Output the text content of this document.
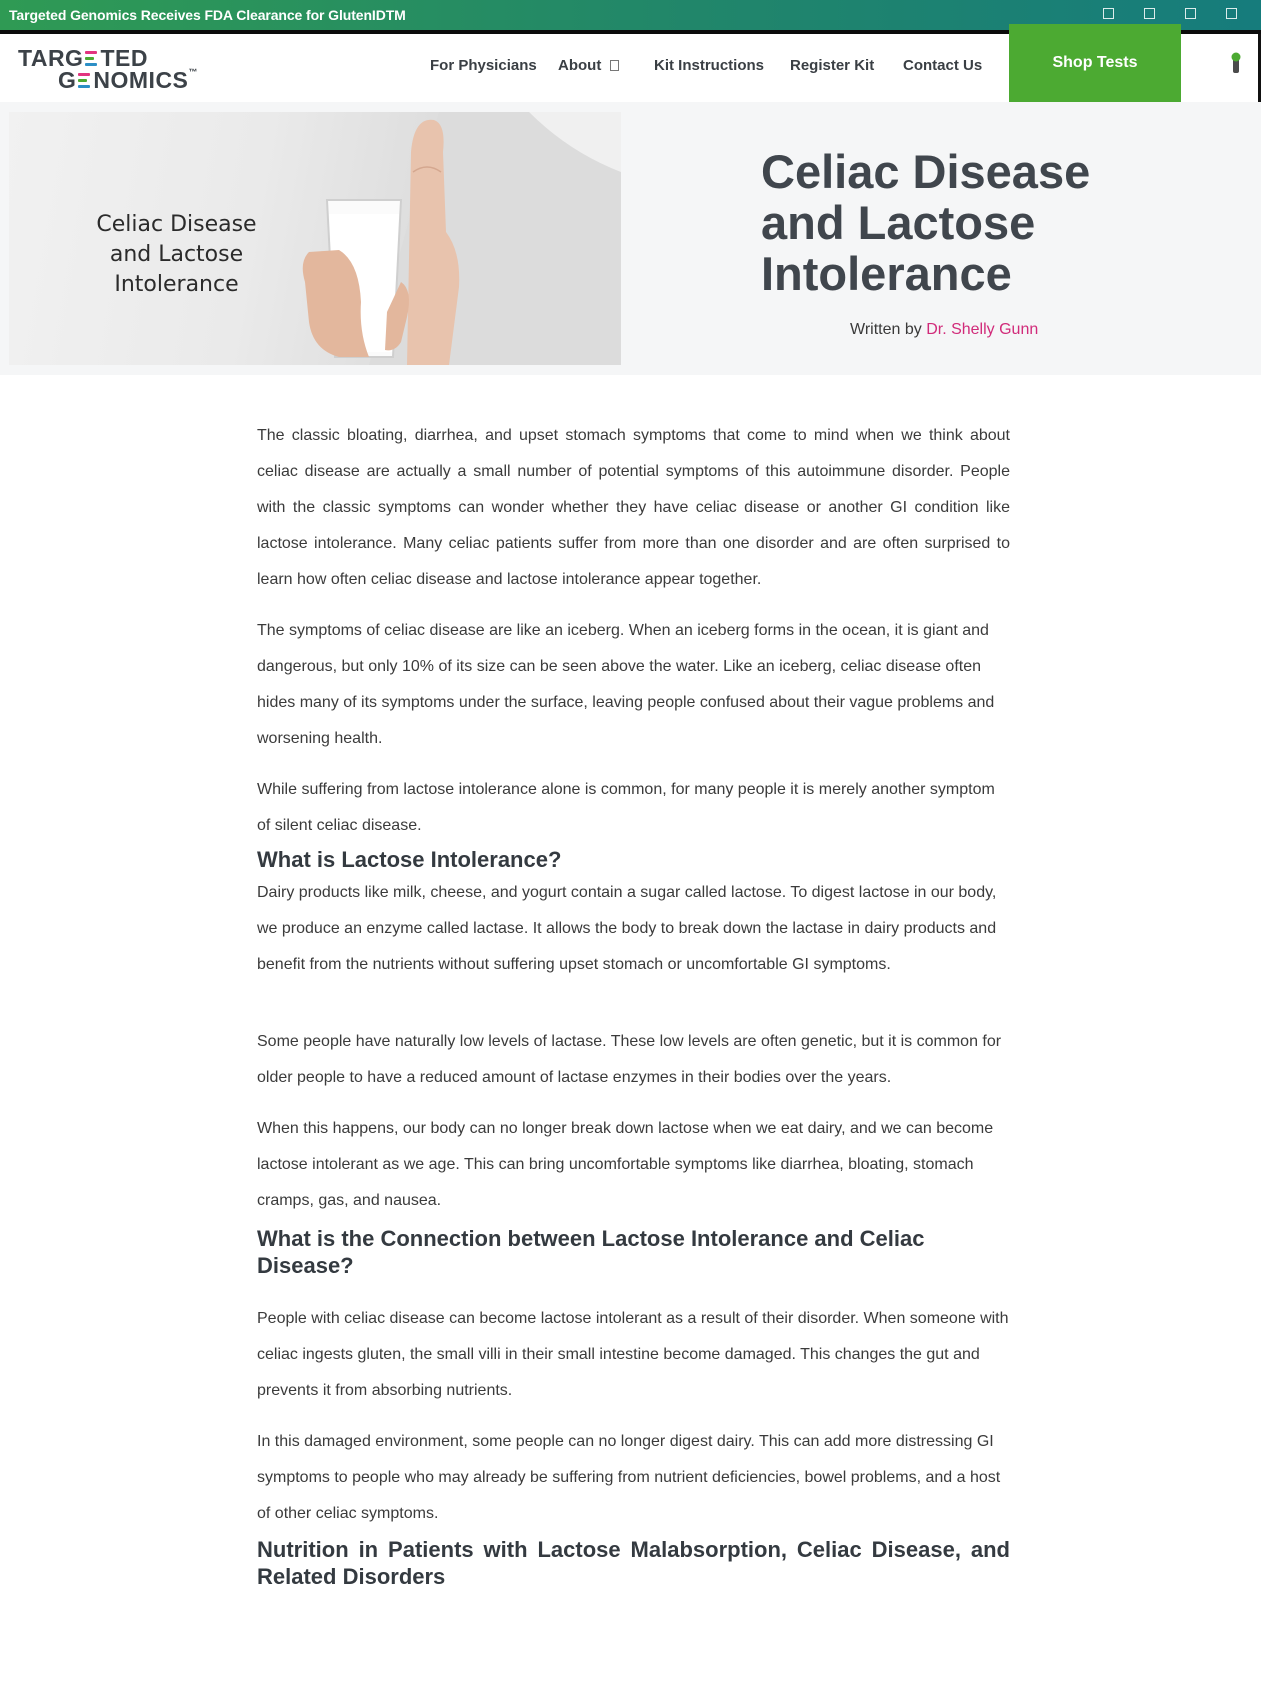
Targeted Genomics Receives FDA Clearance for GlutenIDTM
TARG TED
G NOMICS™	For Physicians About	Kit Instructions Register Kit Contact Us	Shop Tests
Celiac Disease
and Lactose
Intolerance
Celiac Disease
and Lactose
Intolerance
Written by Dr. Shelly Gunn

The classic bloating, diarrhea, and upset stomach symptoms that come to mind when we think about celiac disease are actually a small number of potential symptoms of this autoimmune disorder. People with the classic symptoms can wonder whether they have celiac disease or another GI condition like lactose intolerance. Many celiac patients suffer from more than one disorder and are often surprised to learn how often celiac disease and lactose intolerance appear together.

The symptoms of celiac disease are like an iceberg. When an iceberg forms in the ocean, it is giant and dangerous, but only 10% of its size can be seen above the water. Like an iceberg, celiac disease often hides many of its symptoms under the surface, leaving people confused about their vague problems and worsening health.

While suffering from lactose intolerance alone is common, for many people it is merely another symptom of silent celiac disease.

What is Lactose Intolerance?

Dairy products like milk, cheese, and yogurt contain a sugar called lactose. To digest lactose in our body, we produce an enzyme called lactase. It allows the body to break down the lactase in dairy products and benefit from the nutrients without suffering upset stomach or uncomfortable GI symptoms.

Some people have naturally low levels of lactase. These low levels are often genetic, but it is common for older people to have a reduced amount of lactase enzymes in their bodies over the years.

When this happens, our body can no longer break down lactose when we eat dairy, and we can become lactose intolerant as we age. This can bring uncomfortable symptoms like diarrhea, bloating, stomach cramps, gas, and nausea.

What is the Connection between Lactose Intolerance and Celiac Disease?

People with celiac disease can become lactose intolerant as a result of their disorder. When someone with celiac ingests gluten, the small villi in their small intestine become damaged. This changes the gut and prevents it from absorbing nutrients.

In this damaged environment, some people can no longer digest dairy. This can add more distressing GI symptoms to people who may already be suffering from nutrient deficiencies, bowel problems, and a host of other celiac symptoms.

Nutrition in Patients with Lactose Malabsorption, Celiac Disease, and Related Disorders
